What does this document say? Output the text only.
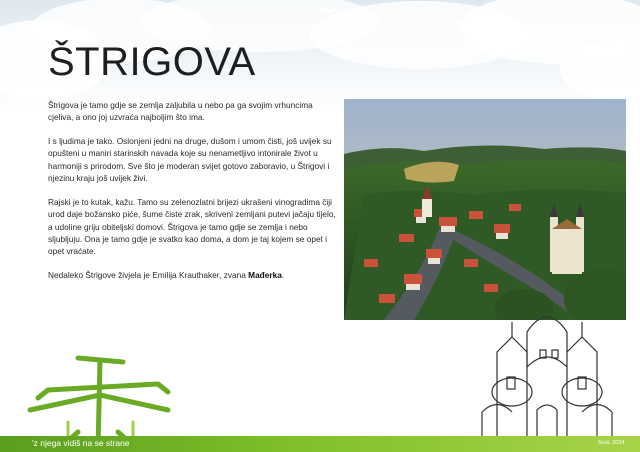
ŠTRIGOVA

Štrigova je tamo gdje se zemlja zaljubila u nebo pa ga svojim vrhuncima cjeliva, a ono joj uzvraća najboljim što ima.

I s ljudima je tako. Oslonjeni jedni na druge, dušom i umom čisti, još uvijek su opušteni u maniri starinskih navada koje su nenametljivo intonirale život u harmoniji s prirodom. Sve što je moderan svijet gotovo zaboravio, u Štrigovi i njezinu kraju još uvijek živi.

Rajski je to kutak, kažu. Tamo su zelenozlatni brijezi ukrašeni vinogradima čiji urod daje božansko piće, šume čiste zrak, skriveni zemljani putevi jačaju tijelo, a udoline griju obiteljski domovi. Štrigova je tamo gdje se zemlja i nebo sljubljuju. Ona je tamo gdje je svatko kao doma, a dom je taj kojem se opet i opet vraćate.

Nedaleko Štrigove živjela je Emilija Krauthaker, zvana Mađerka.

'z njega vidiš na se strane	Sruti, 2024.
